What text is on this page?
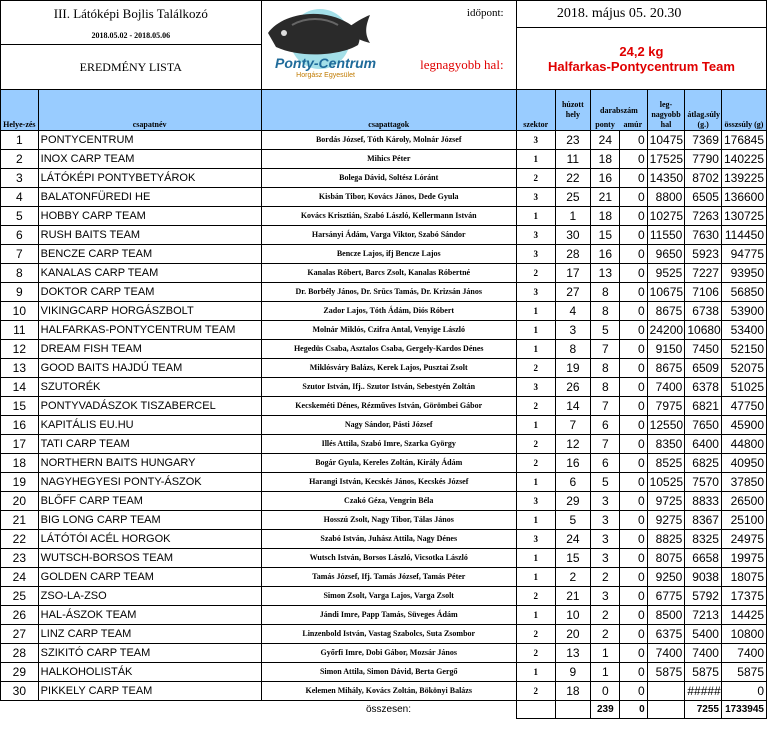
III. Látóképi Bojlis Találkozó		Ponty-Centrum
Horgász Egyesület
időpont:
legnagyobb hal:	2018. május 05. 20.30						
2018.05.02 - 2018.05.06			24,2 kg
Halfarkas-Pontycentrum Team						

EREDMÉNY LISTA									
Helye-zés	csapatnév	csapattagok	szektor	húzott hely	darabszám
ponty amúr		leg-nagyobb hal	átlag.súly (g.)	összsúly (g)
1	PONTYCENTRUM	Bordás József, Tóth Károly, Molnár József	3	23	24	0	10475	7369	176845
2	INOX CARP TEAM	Mihics Péter	1	11	18	0	17525	7790	140225
3	LÁTÓKÉPI PONTYBETYÁROK	Bolega Dávid, Soltész Lóránt	2	22	16	0	14350	8702	139225
4	BALATONFÜREDI HE	Kisbán Tibor, Kovács János, Dede Gyula	3	25	21	0	8800	6505	136600
5	HOBBY CARP TEAM	Kovács Krisztián, Szabó László, Kellermann István	1	1	18	0	10275	7263	130725
6	RUSH BAITS TEAM	Harsányi Ádám, Varga Viktor, Szabó Sándor	3	30	15	0	11550	7630	114450
7	BENCZE CARP TEAM	Bencze Lajos, ifj Bencze Lajos	3	28	16	0	9650	5923	94775
8	KANALAS CARP TEAM	Kanalas Róbert, Barcs Zsolt, Kanalas Róbertné	2	17	13	0	9525	7227	93950
9	DOKTOR CARP TEAM	Dr. Borbély János, Dr. Srūcs Tamás, Dr. Krizsán János	3	27	8	0	10675	7106	56850
10	VIKINGCARP HORGÁSZBOLT	Zador Lajos, Tóth Ádám, Diós Róbert	1	4	8	0	8675	6738	53900
11	HALFARKAS-PONTYCENTRUM TEAM	Molnár Miklós, Czifra Antal, Venyige László	1	3	5	0	24200	10680	53400
12	DREAM FISH TEAM	Hegedüs Csaba, Asztalos Csaba, Gergely-Kardos Dénes	1	8	7	0	9150	7450	52150
13	GOOD BAITS HAJDÚ TEAM	Miklósváry Balázs, Kerek Lajos, Pusztai Zsolt	2	19	8	0	8675	6509	52075
14	SZUTORÉK	Szutor István, Ifj.. Szutor István, Sebestyén Zoltán	3	26	8	0	7400	6378	51025
15	PONTYVADÁSZOK TISZABERCEL	Kecskeméti Dénes, Rézműves István, Görömbei Gábor	2	14	7	0	7975	6821	47750
16	KAPITÁLIS EU.HU	Nagy Sándor, Pásti József	1	7	6	0	12550	7650	45900
17	TATI CARP TEAM	Illés Attila, Szabó Imre, Szarka György	2	12	7	0	8350	6400	44800
18	NORTHERN BAITS HUNGARY	Bogár Gyula, Kereles Zoltán, Király Ádám	2	16	6	0	8525	6825	40950
19	NAGYHEGYESI PONTY-ÁSZOK	Harangi István, Kecskés János, Kecskés József	1	6	5	0	10525	7570	37850
20	BLŐFF CARP TEAM	Czakó Géza, Vengrin Béla	3	29	3	0	9725	8833	26500
21	BIG LONG CARP TEAM	Hosszú Zsolt, Nagy Tibor, Tálas János	1	5	3	0	9275	8367	25100
22	LÁTÓTÓI ACÉL HORGOK	Szabó István, Juhász Attila, Nagy Dénes	3	24	3	0	8825	8325	24975
23	WUTSCH-BORSOS TEAM	Wutsch István, Borsos László, Vicsotka László	1	15	3	0	8075	6658	19975
24	GOLDEN CARP TEAM	Tamás József, Ifj. Tamás József, Tamás Péter	1	2	2	0	9250	9038	18075
25	ZSO-LA-ZSO	Simon Zsolt, Varga Lajos, Varga Zsolt	2	21	3	0	6775	5792	17375
26	HAL-ÁSZOK TEAM	Jándi Imre, Papp Tamás, Süveges Ádám	1	10	2	0	8500	7213	14425
27	LINZ CARP TEAM	Linzenbold István, Vastag Szabolcs, Suta Zsombor	2	20	2	0	6375	5400	10800
28	SZIKITÓ CARP TEAM	Győrfi Imre, Dobi Gábor, Mozsár János	2	13	1	0	7400	7400	7400
29	HALKOHOLISTÁK	Simon Attila, Simon Dávid, Berta Gergő	1	9	1	0	5875	5875	5875
30	PIKKELY CARP TEAM	Kelemen Mihály, Kovács Zoltán, Bökönyi Balázs	2	18	0	0		#####	0
		összesen:			239	0		7255	1733945
